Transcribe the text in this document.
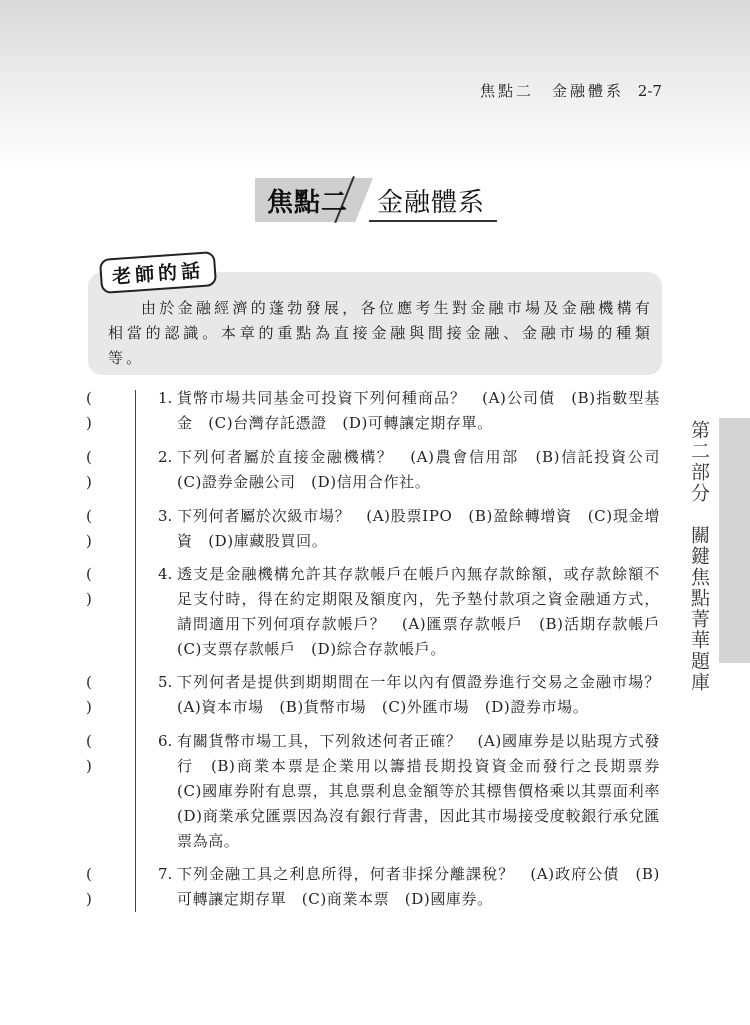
焦點二　金融體系 2-7
焦點二 金融體系
老師的話
由於金融經濟的蓬勃發展，各位應考生對金融市場及金融機構有相當的認識。本章的重點為直接金融與間接金融、金融市場的種類等。
( )
1. 貨幣市場共同基金可投資下列何種商品？　(A)公司債　(B)指數型基金　(C)台灣存託憑證　(D)可轉讓定期存單。
( )
2. 下列何者屬於直接金融機構？　(A)農會信用部　(B)信託投資公司　(C)證券金融公司　(D)信用合作社。
( )
3. 下列何者屬於次級市場？　(A)股票IPO　(B)盈餘轉增資　(C)現金增資　(D)庫藏股買回。
( )
4. 透支是金融機構允許其存款帳戶在帳戶內無存款餘額，或存款餘額不足支付時，得在約定期限及額度內，先予墊付款項之資金融通方式，請問適用下列何項存款帳戶？　(A)匯票存款帳戶　(B)活期存款帳戶　(C)支票存款帳戶　(D)綜合存款帳戶。
( )
5. 下列何者是提供到期期間在一年以內有價證券進行交易之金融市場？　(A)資本市場　(B)貨幣市場　(C)外匯市場　(D)證券市場。
( )
6. 有關貨幣市場工具，下列敘述何者正確？　(A)國庫券是以貼現方式發行　(B)商業本票是企業用以籌措長期投資資金而發行之長期票券　(C)國庫券附有息票，其息票利息金額等於其標售價格乘以其票面利率　(D)商業承兌匯票因為沒有銀行背書，因此其市場接受度較銀行承兌匯票為高。
( )
7. 下列金融工具之利息所得，何者非採分離課稅？　(A)政府公債　(B)可轉讓定期存單　(C)商業本票　(D)國庫券。
第二部分　關鍵焦點菁華題庫
